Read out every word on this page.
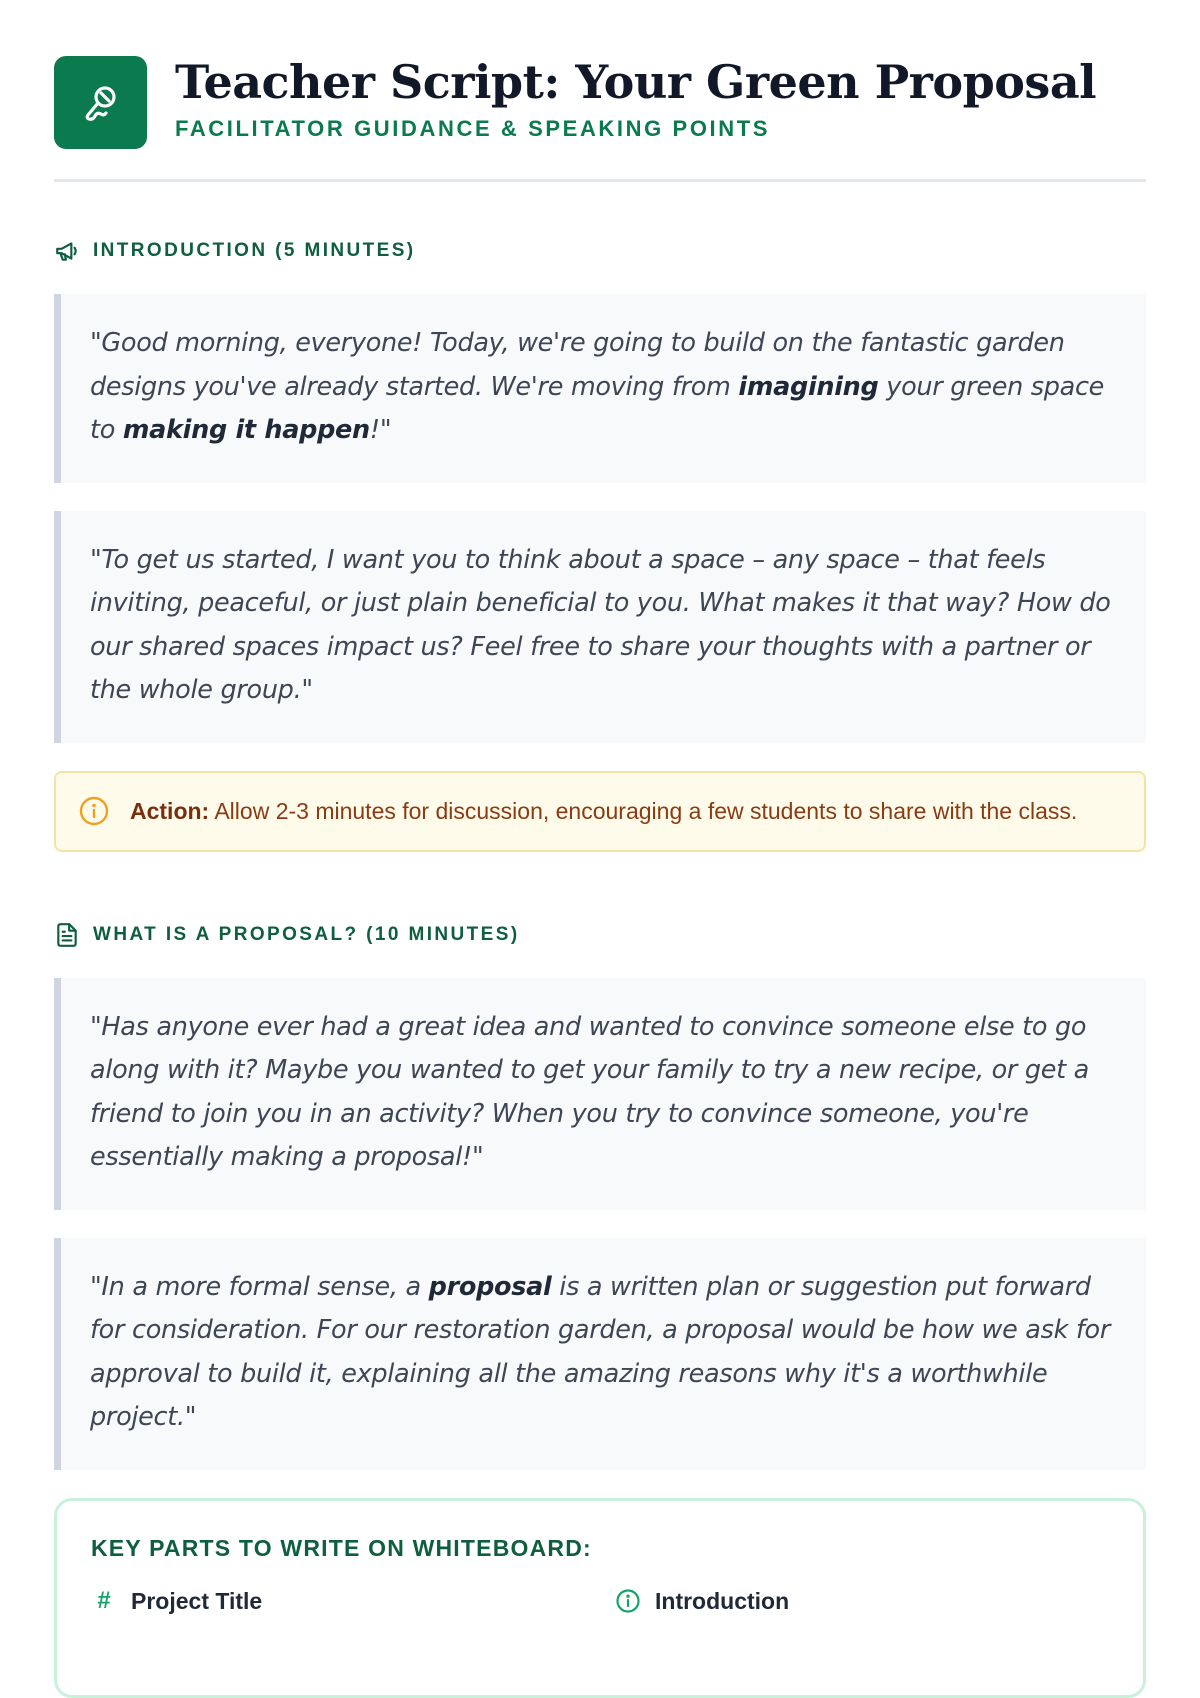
Teacher Script: Your Green Proposal
FACILITATOR GUIDANCE & SPEAKING POINTS
INTRODUCTION (5 MINUTES)
"Good morning, everyone! Today, we're going to build on the fantastic garden designs you've already started. We're moving from imagining your green space to making it happen!"
"To get us started, I want you to think about a space – any space – that feels inviting, peaceful, or just plain beneficial to you. What makes it that way? How do our shared spaces impact us? Feel free to share your thoughts with a partner or the whole group."
Action: Allow 2-3 minutes for discussion, encouraging a few students to share with the class.
WHAT IS A PROPOSAL? (10 MINUTES)
"Has anyone ever had a great idea and wanted to convince someone else to go along with it? Maybe you wanted to get your family to try a new recipe, or get a friend to join you in an activity? When you try to convince someone, you're essentially making a proposal!"
"In a more formal sense, a proposal is a written plan or suggestion put forward for consideration. For our restoration garden, a proposal would be how we ask for approval to build it, explaining all the amazing reasons why it's a worthwhile project."
KEY PARTS TO WRITE ON WHITEBOARD:
# Project Title	Introduction
